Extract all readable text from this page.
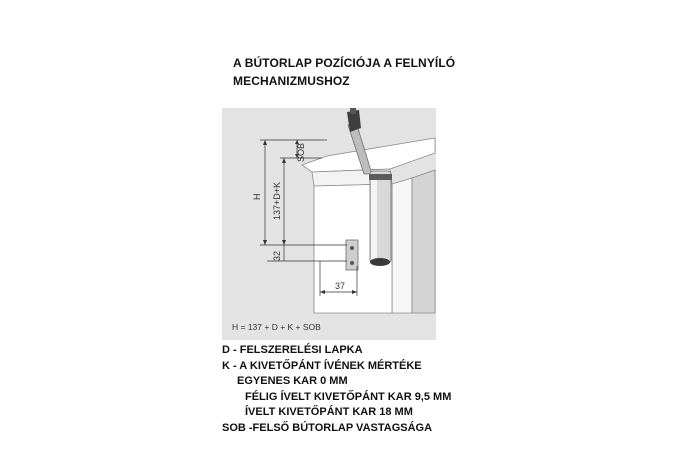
A BÚTORLAP POZÍCIÓJA A FELNYÍLÓ
MECHANIZMUSHOZ
H 137+D+K
SOB
32
37
H = 137 + D + K + SOB
D - FELSZERELÉSI LAPKA
K - A KIVETŐPÁNT ÍVÉNEK MÉRTÉKE
EGYENES KAR 0 MM
FÉLIG ÍVELT KIVETŐPÁNT KAR 9,5 MM
ÍVELT KIVETŐPÁNT KAR 18 MM
SOB -FELSŐ BÚTORLAP VASTAGSÁGA
